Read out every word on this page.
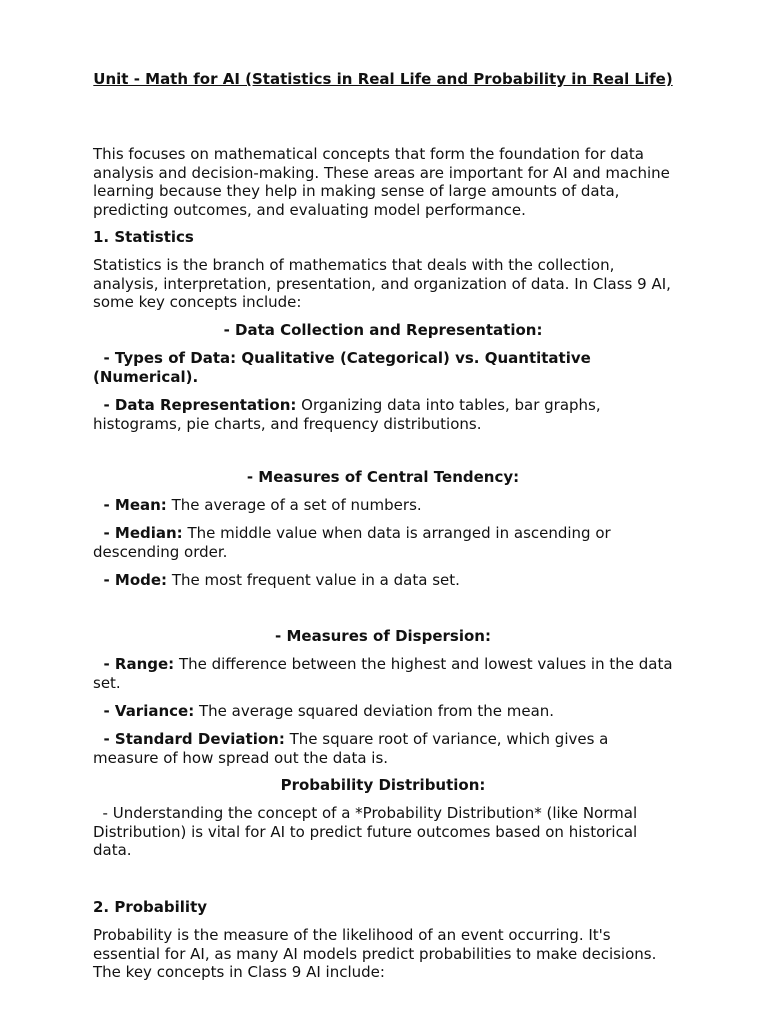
Unit - Math for AI (Statistics in Real Life and Probability in Real Life)

This focuses on mathematical concepts that form the foundation for data analysis and decision-making. These areas are important for AI and machine learning because they help in making sense of large amounts of data, predicting outcomes, and evaluating model performance.

1. Statistics

Statistics is the branch of mathematics that deals with the collection, analysis, interpretation, presentation, and organization of data. In Class 9 AI, some key concepts include:

- Data Collection and Representation:

- Types of Data: Qualitative (Categorical) vs. Quantitative (Numerical).

- Data Representation: Organizing data into tables, bar graphs, histograms, pie charts, and frequency distributions.

- Measures of Central Tendency:

- Mean: The average of a set of numbers.

- Median: The middle value when data is arranged in ascending or descending order.

- Mode: The most frequent value in a data set.

- Measures of Dispersion:

- Range: The difference between the highest and lowest values in the data set.

- Variance: The average squared deviation from the mean.

- Standard Deviation: The square root of variance, which gives a measure of how spread out the data is.

Probability Distribution:

- Understanding the concept of a *Probability Distribution* (like Normal Distribution) is vital for AI to predict future outcomes based on historical data.

2. Probability

Probability is the measure of the likelihood of an event occurring. It's essential for AI, as many AI models predict probabilities to make decisions. The key concepts in Class 9 AI include:
